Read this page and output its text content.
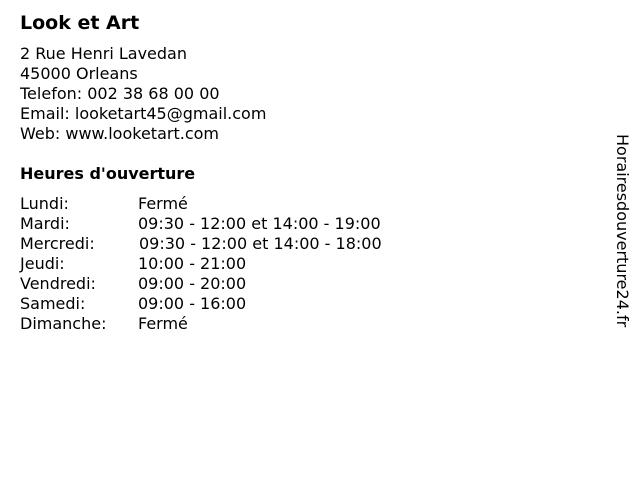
Look et Art
2 Rue Henri Lavedan
45000 Orleans
Telefon: 002 38 68 00 00
Email: looketart45@gmail.com
Web: www.looketart.com
Heures d'ouverture
Lundi:	Fermé
Mardi:	09:30 - 12:00 et 14:00 - 19:00
Mercredi:	09:30 - 12:00 et 14:00 - 18:00
Jeudi:	10:00 - 21:00
Vendredi:	09:00 - 20:00
Samedi:	09:00 - 16:00
Dimanche: Fermé	Horairesdouverture24.fr
